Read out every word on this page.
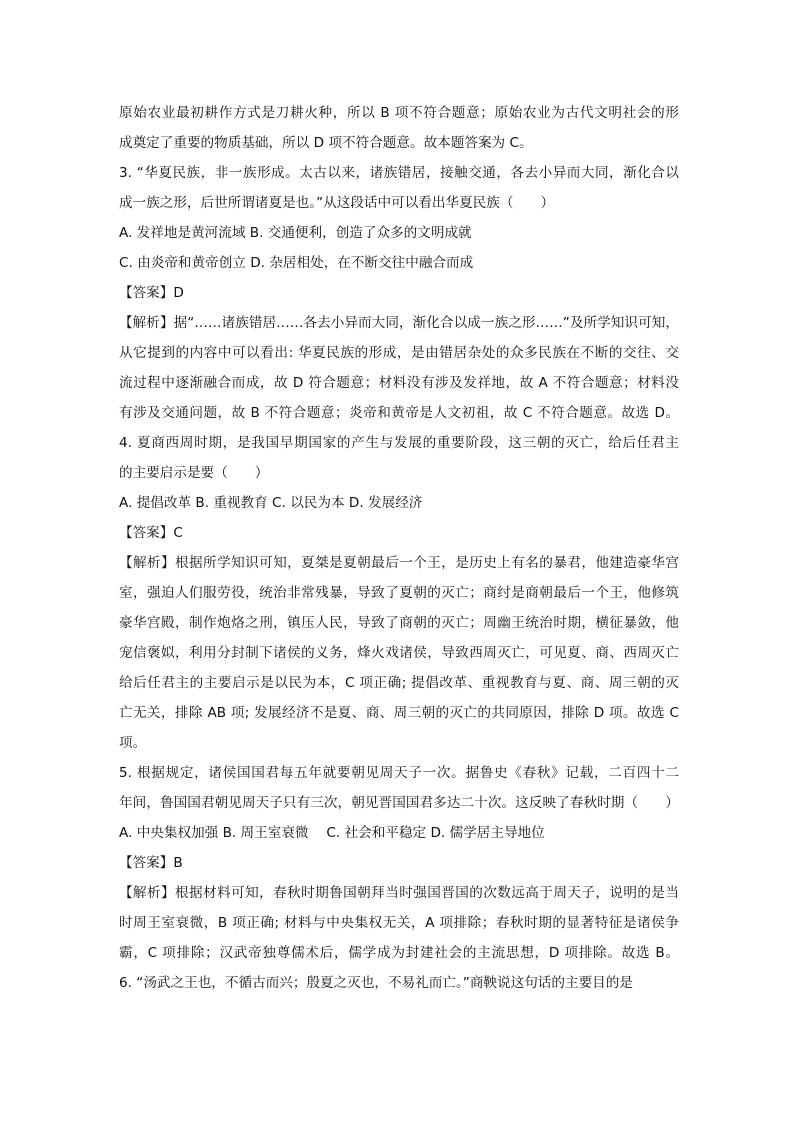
原始农业最初耕作方式是刀耕火种，所以 B 项不符合题意；原始农业为古代文明社会的形
成奠定了重要的物质基础，所以 D 项不符合题意。故本题答案为 C。
3. “华夏民族，非一族形成。太古以来，诸族错居，接触交通，各去小异而大同，渐化合以
成一族之形，后世所谓诸夏是也。”从这段话中可以看出华夏民族（　　）
A. 发祥地是黄河流域 B. 交通便利，创造了众多的文明成就
C. 由炎帝和黄帝创立 D. 杂居相处，在不断交往中融合而成
【答案】D
【解析】据“……诸族错居……各去小异而大同，渐化合以成一族之形……”及所学知识可知，
从它提到的内容中可以看出: 华夏民族的形成，是由错居杂处的众多民族在不断的交往、交
流过程中逐渐融合而成，故 D 符合题意；材料没有涉及发祥地，故 A 不符合题意；材料没
有涉及交通问题，故 B 不符合题意；炎帝和黄帝是人文初祖，故 C 不符合题意。故选 D。
4. 夏商西周时期，是我国早期国家的产生与发展的重要阶段，这三朝的灭亡，给后任君主
的主要启示是要（　　）
A. 提倡改革 B. 重视教育 C. 以民为本 D. 发展经济
【答案】C
【解析】根据所学知识可知，夏桀是夏朝最后一个王，是历史上有名的暴君，他建造豪华宫
室，强迫人们服劳役，统治非常残暴，导致了夏朝的灭亡；商纣是商朝最后一个王，他修筑
豪华宫殿，制作炮烙之刑，镇压人民，导致了商朝的灭亡；周幽王统治时期，横征暴敛，他
宠信褒姒，利用分封制下诸侯的义务，烽火戏诸侯，导致西周灭亡，可见夏、商、西周灭亡
给后任君主的主要启示是以民为本，C 项正确; 提倡改革、重视教育与夏、商、周三朝的灭
亡无关，排除 AB 项; 发展经济不是夏、商、周三朝的灭亡的共同原因，排除 D 项。故选 C
项。
5. 根据规定，诸侯国国君每五年就要朝见周天子一次。据鲁史《春秋》记载，二百四十二
年间，鲁国国君朝见周天子只有三次，朝见晋国国君多达二十次。这反映了春秋时期（　　）
A. 中央集权加强 B. 周王室衰微　 C. 社会和平稳定 D. 儒学居主导地位
【答案】B
【解析】根据材料可知，春秋时期鲁国朝拜当时强国晋国的次数远高于周天子，说明的是当
时周王室衰微，B 项正确; 材料与中央集权无关，A 项排除；春秋时期的显著特征是诸侯争
霸，C 项排除；汉武帝独尊儒术后，儒学成为封建社会的主流思想，D 项排除。故选 B。
6. “汤武之王也，不循古而兴；殷夏之灭也，不易礼而亡。”商鞅说这句话的主要目的是
